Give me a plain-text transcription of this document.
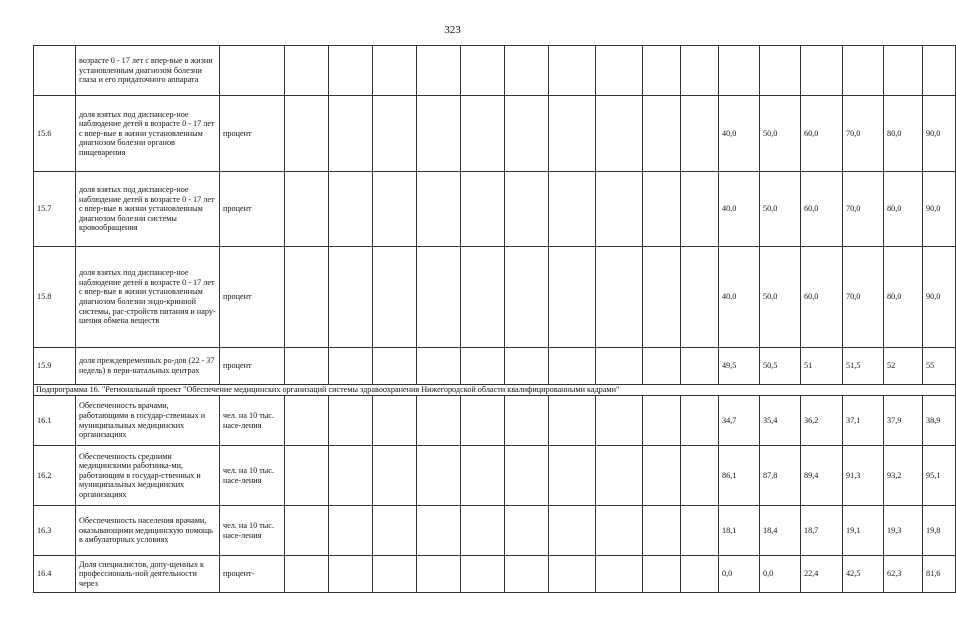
323
	возрасте 0 - 17 лет с впер-вые в жизни установленным диагнозом болезни глаза и его придаточного аппарата																	
15.6	доля взятых под диспансер-ное наблюдение детей в возрасте 0 - 17 лет с впер-вые в жизни установленным диагнозом болезни органов пищеварения	процент											40,0	50,0	60,0	70,0	80,0	90,0
15.7	доля взятых под диспансер-ное наблюдение детей в возрасте 0 - 17 лет с впер-вые в жизни установленным диагнозом болезни системы кровообращения	процент											40,0	50,0	60,0	70,0	80,0	90,0
15.8	доля взятых под диспансер-ное наблюдение детей в возрасте 0 - 17 лет с впер-вые в жизни установленным диагнозом болезни эндо-кринной системы, рас-стройств питания и нару-шения обмена веществ	процент											40,0	50,0	60,0	70,0	80,0	90,0
15.9	доля преждевременных ро-дов (22 - 37 недель) в пери-натальных центрах	процент											49,5	50,5	51	51,5	52	55
Подпрограмма 16. "Региональный проект "Обеспечение медицинских организаций системы здравоохранения Нижегородской области квалифицированными кадрами"																		
16.1	Обеспеченность врачами, работающими в государ-ственных и муниципальных медицинских организациях	чел. на 10 тыс. насе-ления											34,7	35,4	36,2	37,1	37,9	38,9
16.2	Обеспеченность средними медицинскими работника-ми, работающим в государ-ственных и муниципальных медицинских организациях	чел. на 10 тыс. насе-ления											86,1	87,8	89,4	91,3	93,2	95,1
16.3	Обеспеченность населения врачами, оказывающими медицинскую помощь в амбулаторных условиях	чел. на 10 тыс. насе-ления											18,1	18,4	18,7	19,1	19,3	19,8
16.4	Доля специалистов, допу-щенных к профессиональ-ной деятельности через	процент-											0,0	0,0	22,4	42,5	62,3	81,6
